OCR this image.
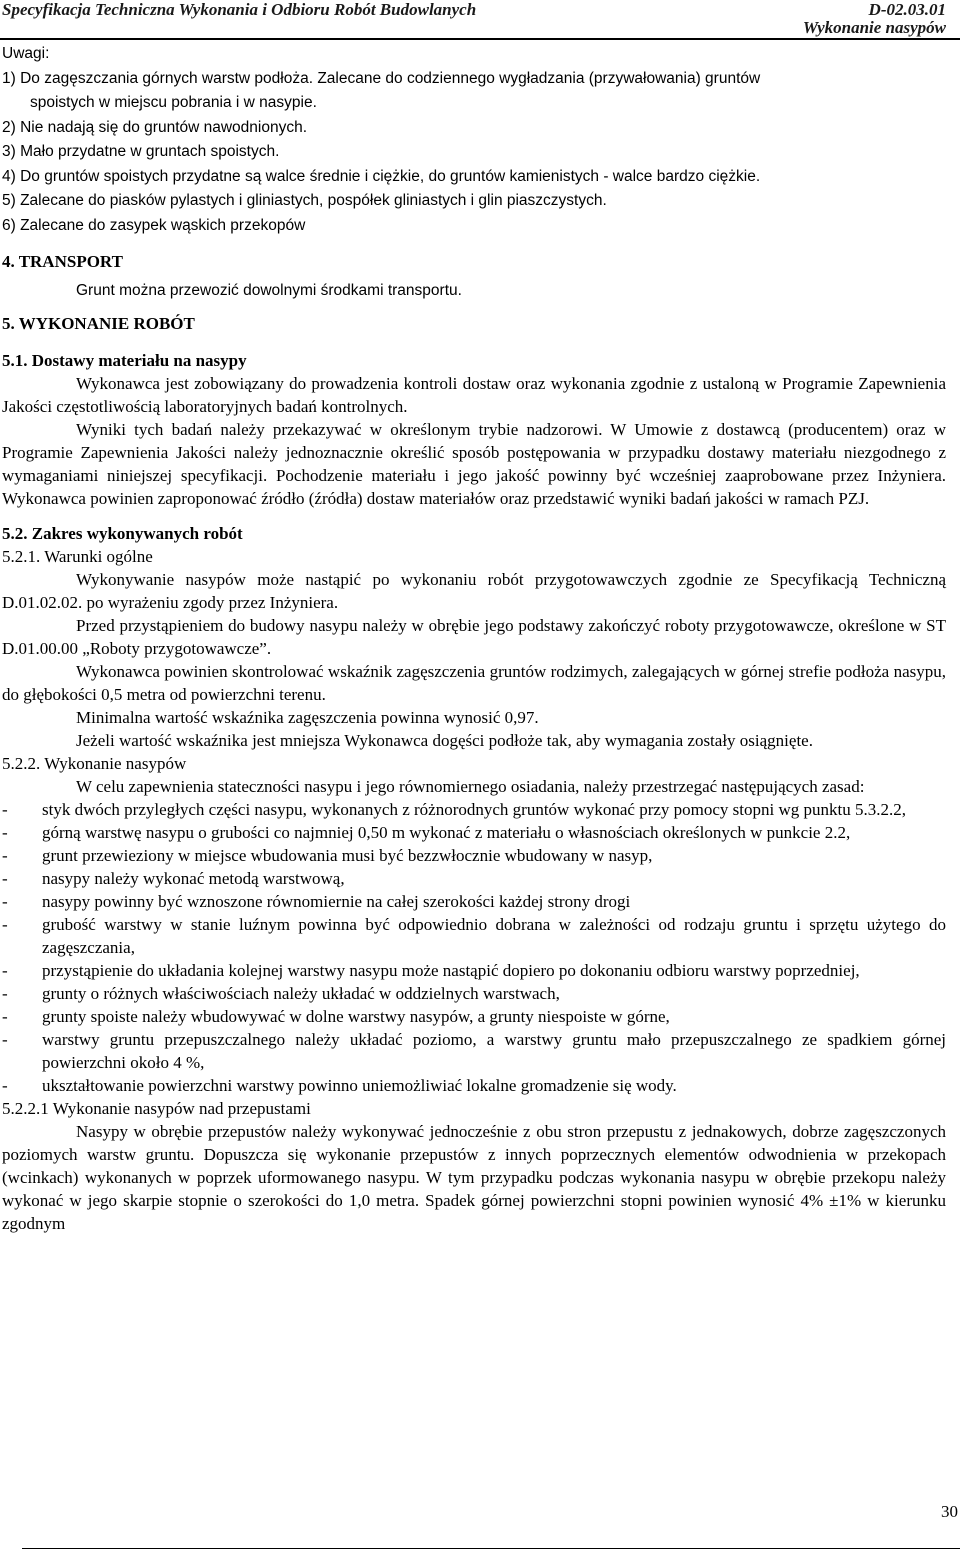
Specyfikacja Techniczna Wykonania i Odbioru Robót Budowlanych	D-02.03.01
Wykonanie nasypów

Uwagi:

1) Do zagęszczania górnych warstw podłoża. Zalecane do codziennego wygładzania (przywałowania) gruntów

spoistych w miejscu pobrania i w nasypie.

2) Nie nadają się do gruntów nawodnionych.

3) Mało przydatne w gruntach spoistych.

4) Do gruntów spoistych przydatne są walce średnie i ciężkie, do gruntów kamienistych - walce bardzo ciężkie.

5) Zalecane do piasków pylastych i gliniastych, pospółek gliniastych i glin piaszczystych.

6) Zalecane do zasypek wąskich przekopów

4. TRANSPORT

Grunt można przewozić dowolnymi środkami transportu.

5. WYKONANIE ROBÓT

5.1. Dostawy materiału na nasypy

Wykonawca jest zobowiązany do prowadzenia kontroli dostaw oraz wykonania zgodnie z ustaloną w Programie Zapewnienia Jakości częstotliwością laboratoryjnych badań kontrolnych.

Wyniki tych badań należy przekazywać w określonym trybie nadzorowi. W Umowie z dostawcą (producentem) oraz w Programie Zapewnienia Jakości należy jednoznacznie określić sposób postępowania w przypadku dostawy materiału niezgodnego z wymaganiami niniejszej specyfikacji. Pochodzenie materiału i jego jakość powinny być wcześniej zaaprobowane przez Inżyniera. Wykonawca powinien zaproponować źródło (źródła) dostaw materiałów oraz przedstawić wyniki badań jakości w ramach PZJ.

5.2. Zakres wykonywanych robót

5.2.1. Warunki ogólne

Wykonywanie nasypów może nastąpić po wykonaniu robót przygotowawczych zgodnie ze Specyfikacją Techniczną D.01.02.02. po wyrażeniu zgody przez Inżyniera.

Przed przystąpieniem do budowy nasypu należy w obrębie jego podstawy zakończyć roboty przygotowawcze, określone w ST D.01.00.00 „Roboty przygotowawcze”.

Wykonawca powinien skontrolować wskaźnik zagęszczenia gruntów rodzimych, zalegających w górnej strefie podłoża nasypu, do głębokości 0,5 metra od powierzchni terenu.

Minimalna wartość wskaźnika zagęszczenia powinna wynosić 0,97.

Jeżeli wartość wskaźnika jest mniejsza Wykonawca dogęści podłoże tak, aby wymagania zostały osiągnięte.

5.2.2. Wykonanie nasypów

W celu zapewnienia stateczności nasypu i jego równomiernego osiadania, należy przestrzegać następujących zasad:

-	styk dwóch przyległych części nasypu, wykonanych z różnorodnych gruntów wykonać przy pomocy stopni wg punktu 5.3.2.2,
-	górną warstwę nasypu o grubości co najmniej 0,50 m wykonać z materiału o własnościach określonych w punkcie 2.2,
-	grunt przewieziony w miejsce wbudowania musi być bezzwłocznie wbudowany w nasyp,
-	nasypy należy wykonać metodą warstwową,
-	nasypy powinny być wznoszone równomiernie na całej szerokości każdej strony drogi
-	grubość warstwy w stanie luźnym powinna być odpowiednio dobrana w zależności od rodzaju gruntu i sprzętu użytego do zagęszczania,
-	przystąpienie do układania kolejnej warstwy nasypu może nastąpić dopiero po dokonaniu odbioru warstwy poprzedniej,
-	grunty o różnych właściwościach należy układać w oddzielnych warstwach,
-	grunty spoiste należy wbudowywać w dolne warstwy nasypów, a grunty niespoiste w górne,
-	warstwy gruntu przepuszczalnego należy układać poziomo, a warstwy gruntu mało przepuszczalnego ze spadkiem górnej powierzchni około 4 %,
-	ukształtowanie powierzchni warstwy powinno uniemożliwiać lokalne gromadzenie się wody.

5.2.2.1 Wykonanie nasypów nad przepustami

Nasypy w obrębie przepustów należy wykonywać jednocześnie z obu stron przepustu z jednakowych, dobrze zagęszczonych poziomych warstw gruntu. Dopuszcza się wykonanie przepustów z innych poprzecznych elementów odwodnienia w przekopach (wcinkach) wykonanych w poprzek uformowanego nasypu. W tym przypadku podczas wykonania nasypu w obrębie przekopu należy wykonać w jego skarpie stopnie o szerokości do 1,0 metra. Spadek górnej powierzchni stopni powinien wynosić 4% ±1% w kierunku zgodnym

30
